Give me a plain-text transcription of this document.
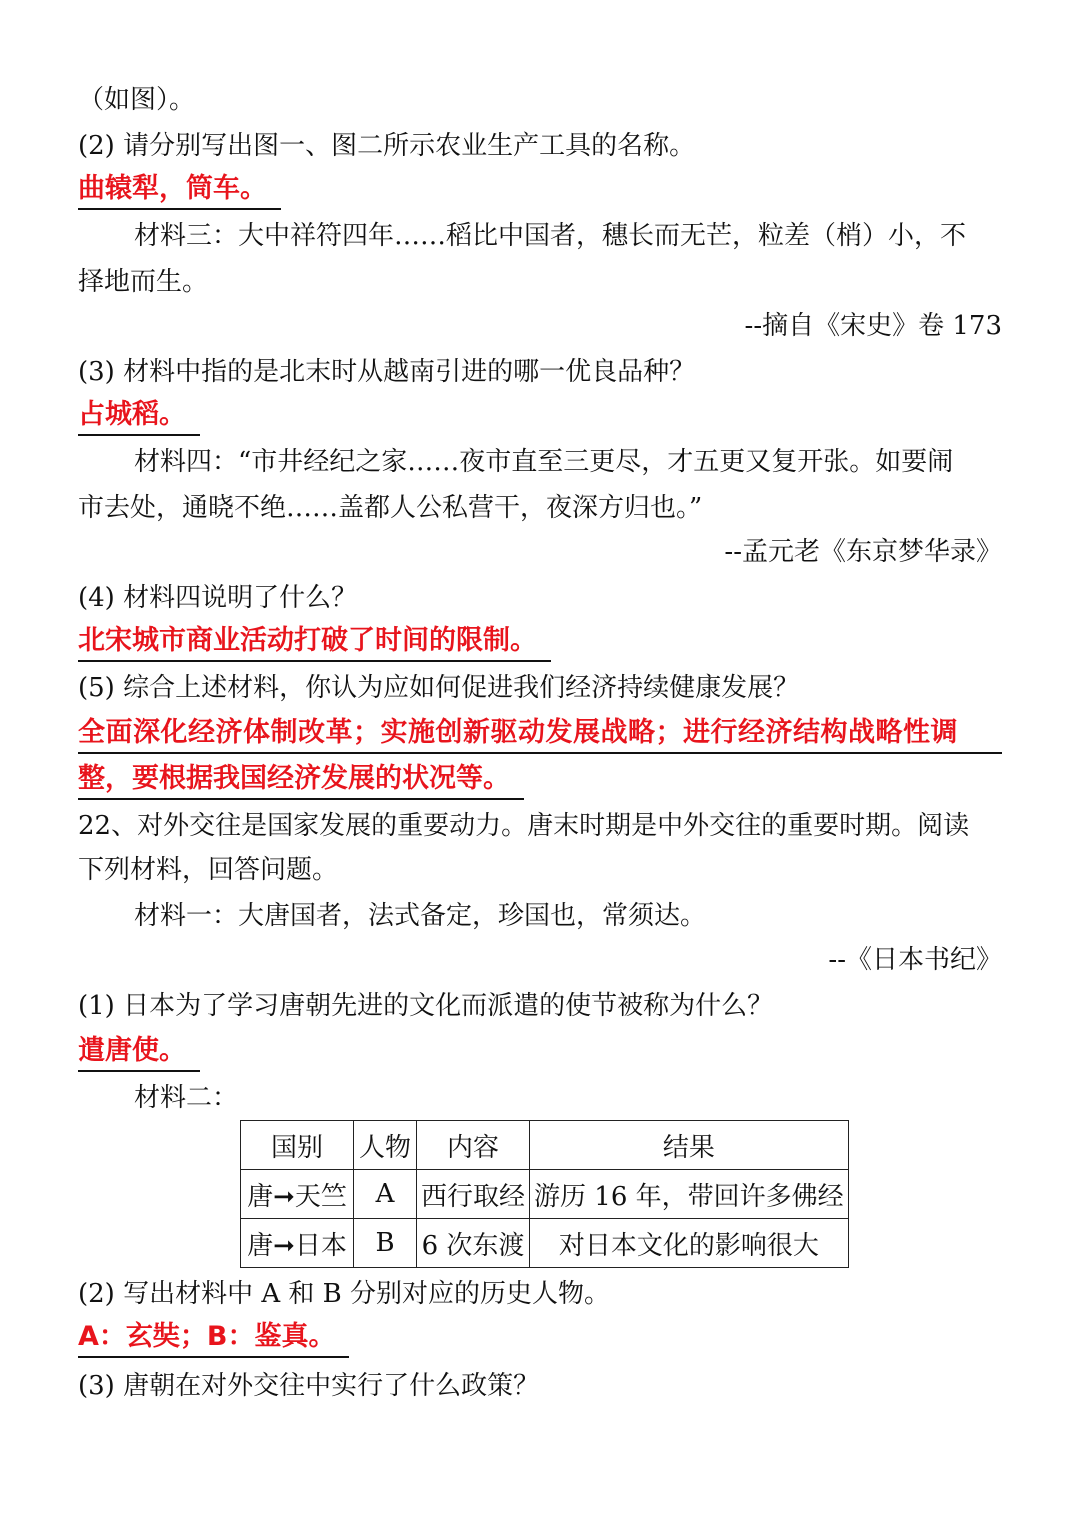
（如图）。
(2) 请分别写出图一、图二所示农业生产工具的名称。
曲辕犁，筒车。
材料三：大中祥符四年……稻比中国者，穗长而无芒，粒差（梢）小，不
择地而生。
--摘自《宋史》卷 173
(3) 材料中指的是北末时从越南引进的哪一优良品种？
占城稻。
材料四：“市井经纪之家……夜市直至三更尽，才五更又复开张。如要闹
市去处，通晓不绝……盖都人公私营干，夜深方归也。”
--孟元老《东京梦华录》
(4) 材料四说明了什么？
北宋城市商业活动打破了时间的限制。
(5) 综合上述材料，你认为应如何促进我们经济持续健康发展？
全面深化经济体制改革；实施创新驱动发展战略；进行经济结构战略性调
整，要根据我国经济发展的状况等。
22、对外交往是国家发展的重要动力。唐末时期是中外交往的重要时期。阅读
下列材料，回答问题。
材料一：大唐国者，法式备定，珍国也，常须达。
--《日本书纪》
(1) 日本为了学习唐朝先进的文化而派遣的使节被称为什么？
遣唐使。
材料二：
国别	人物	内容	结果
唐➞天竺	A	西行取经	游历 16 年，带回许多佛经
唐➞日本	B	6 次东渡	对日本文化的影响很大
(2) 写出材料中 A 和 B 分别对应的历史人物。
A：玄奘；B：鉴真。
(3) 唐朝在对外交往中实行了什么政策？
